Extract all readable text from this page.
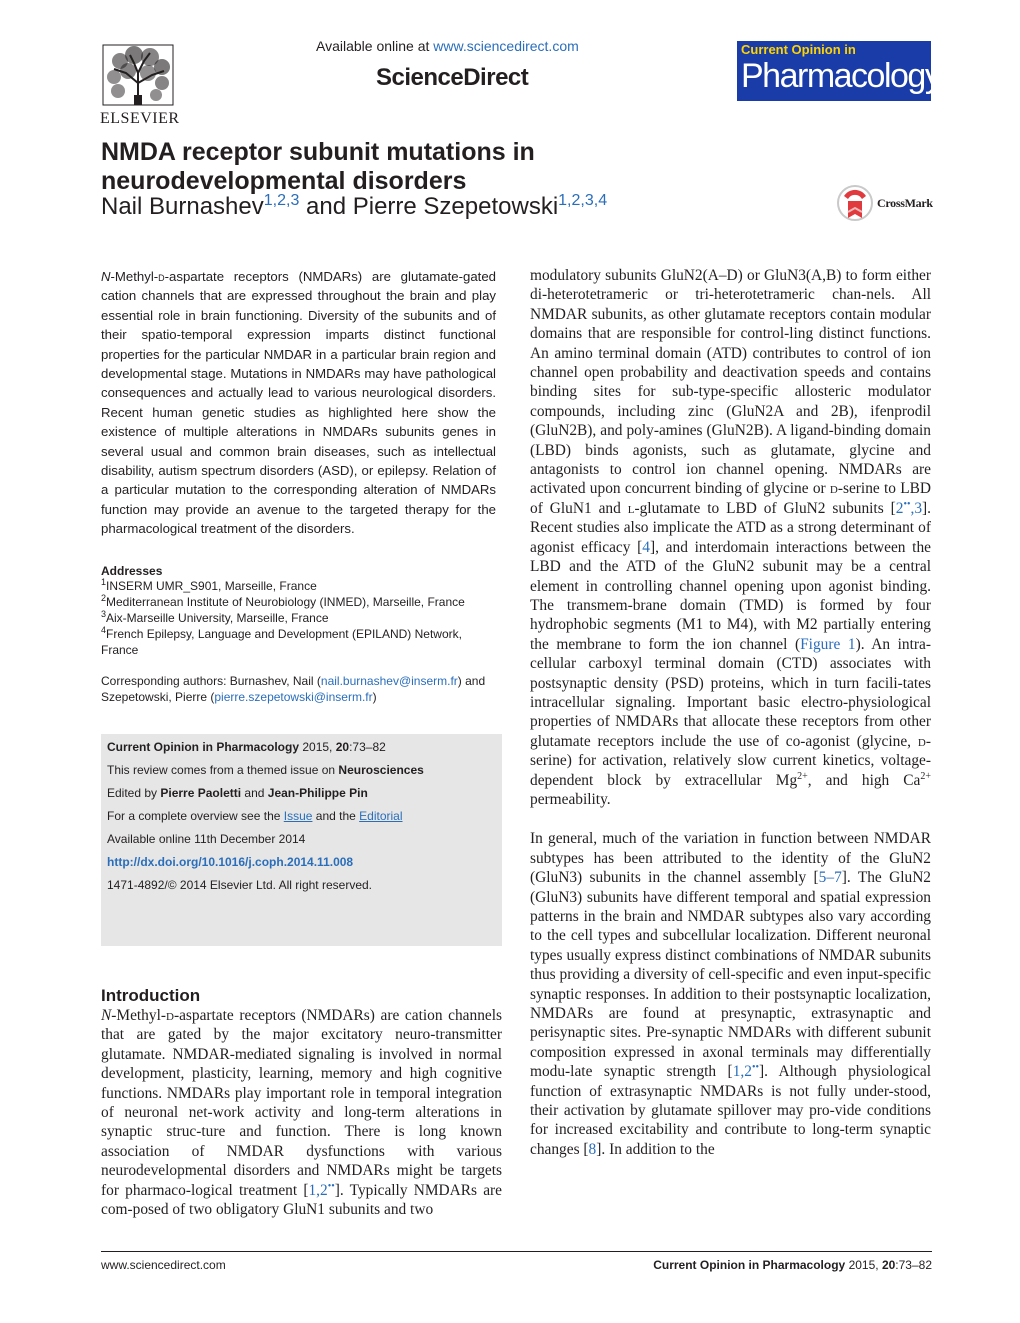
ELSEVIER
Available online at www.sciencedirect.com
ScienceDirect
Current Opinion in
Pharmacology
NMDA receptor subunit mutations in neurodevelopmental disorders
Nail Burnashev$^{1,2,3}$ and Pierre Szepetowski$^{1,2,3,4}$	CrossMark
N-Methyl-d-aspartate receptors (NMDARs) are glutamate-gated cation channels that are expressed throughout the brain and play essential role in brain functioning. Diversity of the subunits and of their spatio-temporal expression imparts distinct functional properties for the particular NMDAR in a particular brain region and developmental stage. Mutations in NMDARs may have pathological consequences and actually lead to various neurological disorders. Recent human genetic studies as highlighted here show the existence of multiple alterations in NMDARs subunits genes in several usual and common brain diseases, such as intellectual disability, autism spectrum disorders (ASD), or epilepsy. Relation of a particular mutation to the corresponding alteration of NMDARs function may provide an avenue to the targeted therapy for the pharmacological treatment of the disorders.
Addresses
$^1$INSERM UMR_S901, Marseille, France
$^2$Mediterranean Institute of Neurobiology (INMED), Marseille, France
$^3$Aix-Marseille University, Marseille, France
$^4$French Epilepsy, Language and Development (EPILAND) Network, France
Corresponding authors: Burnashev, Nail (nail.burnashev@inserm.fr) and Szepetowski, Pierre (pierre.szepetowski@inserm.fr)
Current Opinion in Pharmacology 2015, 20:73–82
This review comes from a themed issue on Neurosciences
Edited by Pierre Paoletti and Jean-Philippe Pin
For a complete overview see the Issue and the Editorial
Available online 11th December 2014
http://dx.doi.org/10.1016/j.coph.2014.11.008
1471-4892/© 2014 Elsevier Ltd. All right reserved.
Introduction

N-Methyl-d-aspartate receptors (NMDARs) are cation channels that are gated by the major excitatory neuro-transmitter glutamate. NMDAR-mediated signaling is involved in normal development, plasticity, learning, memory and high cognitive functions. NMDARs play important role in temporal integration of neuronal net-work activity and long-term alterations in synaptic struc-ture and function. There is long known association of NMDAR dysfunctions with various neurodevelopmental disorders and NMDARs might be targets for pharmaco-logical treatment [1,2••]. Typically NMDARs are com-posed of two obligatory GluN1 subunits and two

modulatory subunits GluN2(A–D) or GluN3(A,B) to form either di-heterotetrameric or tri-heterotetrameric chan-nels. All NMDAR subunits, as other glutamate receptors contain modular domains that are responsible for control-ling distinct functions. An amino terminal domain (ATD) contributes to control of ion channel open probability and deactivation speeds and contains binding sites for sub-type-specific allosteric modulator compounds, including zinc (GluN2A and 2B), ifenprodil (GluN2B), and poly-amines (GluN2B). A ligand-binding domain (LBD) binds agonists, such as glutamate, glycine and antagonists to control ion channel opening. NMDARs are activated upon concurrent binding of glycine or d-serine to LBD of GluN1 and l-glutamate to LBD of GluN2 subunits [2••,3]. Recent studies also implicate the ATD as a strong determinant of agonist efficacy [4], and interdomain interactions between the LBD and the ATD of the GluN2 subunit may be a central element in controlling channel opening upon agonist binding. The transmem-brane domain (TMD) is formed by four hydrophobic segments (M1 to M4), with M2 partially entering the membrane to form the ion channel (Figure 1). An intra-cellular carboxyl terminal domain (CTD) associates with postsynaptic density (PSD) proteins, which in turn facili-tates intracellular signaling. Important basic electro-physiological properties of NMDARs that allocate these receptors from other glutamate receptors include the use of co-agonist (glycine, d-serine) for activation, relatively slow current kinetics, voltage-dependent block by extracellular $Mg^{2+}$, and high $Ca^{2+}$ permeability.

In general, much of the variation in function between NMDAR subtypes has been attributed to the identity of the GluN2 (GluN3) subunits in the channel assembly [5–7]. The GluN2 (GluN3) subunits have different temporal and spatial expression patterns in the brain and NMDAR subtypes also vary according to the cell types and subcellular localization. Different neuronal types usually express distinct combinations of NMDAR subunits thus providing a diversity of cell-specific and even input-specific synaptic responses. In addition to their postsynaptic localization, NMDARs are found at presynaptic, extrasynaptic and perisynaptic sites. Pre-synaptic NMDARs with different subunit composition expressed in axonal terminals may differentially modu-late synaptic strength [1,2••]. Although physiological function of extrasynaptic NMDARs is not fully under-stood, their activation by glutamate spillover may pro-vide conditions for increased excitability and contribute to long-term synaptic changes [8]. In addition to the

www.sciencedirect.com	Current Opinion in Pharmacology 2015, 20:73–82
